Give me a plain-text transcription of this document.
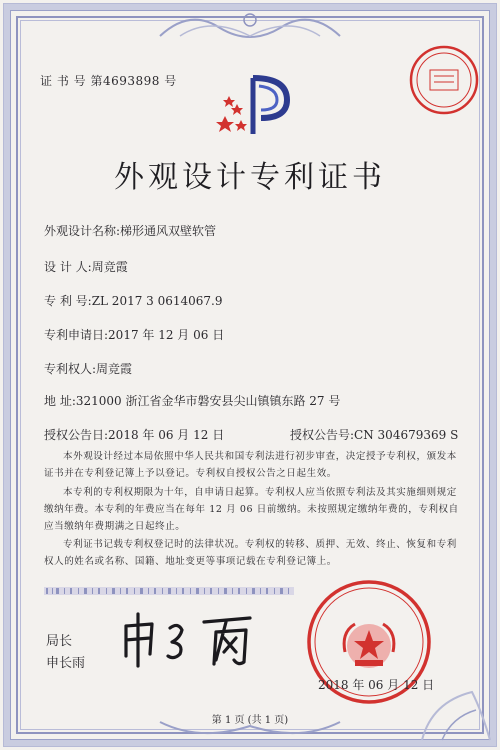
证 书 号 第4693898 号
外观设计专利证书
外观设计名称:梯形通风双壁软管
设 计 人:周竞霞
专 利 号:ZL 2017 3 0614067.9
专利申请日:2017 年 12 月 06 日
专利权人:周竞霞
地 址:321000 浙江省金华市磐安县尖山镇镇东路 27 号
授权公告日:2018 年 06 月 12 日	授权公告号:CN 304679369 S

本外观设计经过本局依照中华人民共和国专利法进行初步审查，决定授予专利权，颁发本证书并在专利登记簿上予以登记。专利权自授权公告之日起生效。

本专利的专利权期限为十年，自申请日起算。专利权人应当依照专利法及其实施细则规定缴纳年费。本专利的年费应当在每年 12 月 06 日前缴纳。未按照规定缴纳年费的，专利权自应当缴纳年费期满之日起终止。

专利证书记载专利权登记时的法律状况。专利权的转移、质押、无效、终止、恢复和专利权人的姓名或名称、国籍、地址变更等事项记载在专利登记簿上。

局长
申长雨
2018 年 06 月 12 日
第 1 页 (共 1 页)
